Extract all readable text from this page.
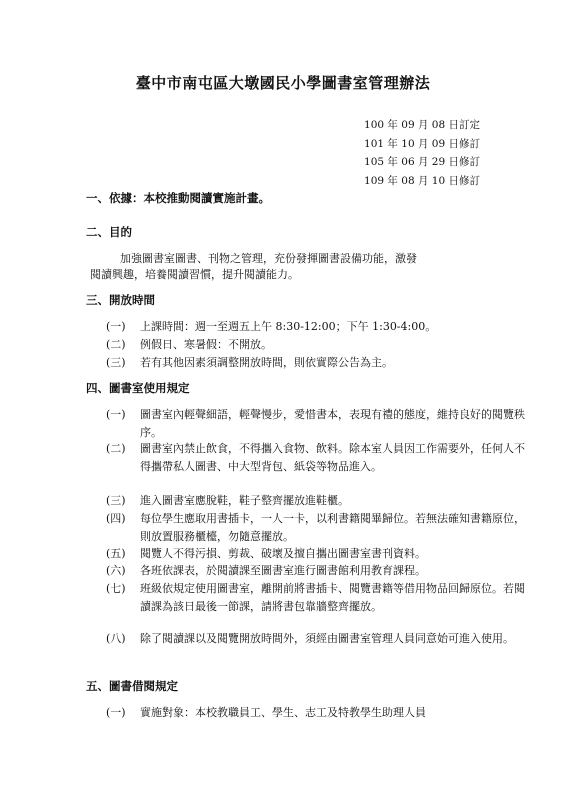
臺中市南屯區大墩國民小學圖書室管理辦法
100 年 09 月 08 日訂定
101 年 10 月 09 日修訂
105 年 06 月 29 日修訂
109 年 08 月 10 日修訂
一、依據：本校推動閱讀實施計畫。
二、目的
加強圖書室圖書、刊物之管理，充份發揮圖書設備功能，激發
閱讀興趣，培養閱讀習慣，提升閱讀能力。
三、開放時間
(一) 上課時間：週一至週五上午 8:30-12:00；下午 1:30-4:00。
(二) 例假日、寒暑假：不開放。
(三) 若有其他因素須調整開放時間，則依實際公告為主。
四、圖書室使用規定
(一) 圖書室內輕聲細語，輕聲慢步，愛惜書本，表現有禮的態度，維持良好的閱覽秩序。
(二) 圖書室內禁止飲食，不得攜入食物、飲料。除本室人員因工作需要外，任何人不得攜帶私人圖書、中大型背包、紙袋等物品進入。
(三) 進入圖書室應脫鞋，鞋子整齊擺放進鞋櫃。
(四) 每位學生應取用書插卡，一人一卡，以利書籍閱畢歸位。若無法確知書籍原位，則放置服務櫃檯，勿隨意擺放。
(五) 閱覽人不得污損、剪裁、破壞及擅自攜出圖書室書刊資料。
(六) 各班依課表，於閱讀課至圖書室進行圖書館利用教育課程。
(七) 班級依規定使用圖書室，離開前將書插卡、閱覽書籍等借用物品回歸原位。若閱讀課為該日最後一節課，請將書包靠牆整齊擺放。
(八) 除了閱讀課以及閱覽開放時間外，須經由圖書室管理人員同意始可進入使用。
五、圖書借閱規定
(一) 實施對象：本校教職員工、學生、志工及特教學生助理人員
